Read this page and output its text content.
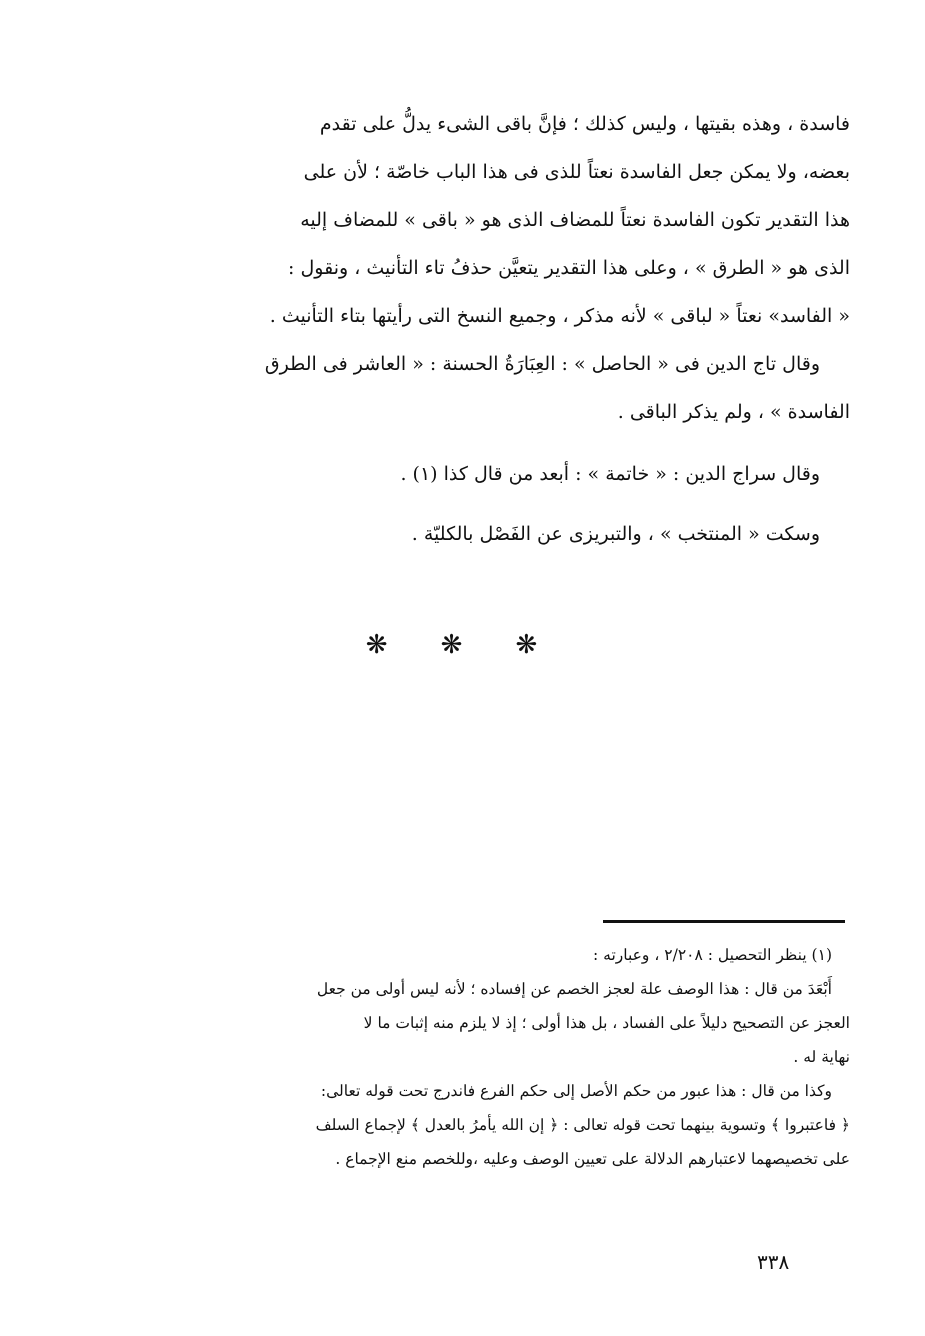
فاسدة ، وهذه بقيتها ، وليس كذلك ؛ فإنَّ باقى الشىء يدلُّ على تقدم

بعضه، ولا يمكن جعل الفاسدة نعتاً للذى فى هذا الباب خاصّة ؛ لأن على

هذا التقدير تكون الفاسدة نعتاً للمضاف الذى هو « باقى » للمضاف إليه

الذى هو « الطرق » ، وعلى هذا التقدير يتعيَّن حذفُ تاء التأنيث ، ونقول :

« الفاسد» نعتاً « لباقى » لأنه مذكر ، وجميع النسخ التى رأيتها بتاء التأنيث .

وقال تاج الدين فى « الحاصل » : العِبَارَةُ الحسنة : « العاشر فى الطرق

الفاسدة » ، ولم يذكر الباقى .

وقال سراج الدين : « خاتمة » : أبعد من قال كذا (١) .

وسكت « المنتخب » ، والتبريزى عن الفَصْل بالكليّة .

❋ ❋ ❋

(١) ينظر التحصيل : ٢/٢٠٨ ، وعبارته :

أَبْعَدَ من قال : هذا الوصف علة لعجز الخصم عن إفساده ؛ لأنه ليس أولى من جعل

العجز عن التصحيح دليلاً على الفساد ، بل هذا أولى ؛ إذ لا يلزم منه إثبات ما لا

نهاية له .

وكذا من قال : هذا عبور من حكم الأصل إلى حكم الفرع فاندرج تحت قوله تعالى:

﴿ فاعتبروا ﴾ وتسوية بينهما تحت قوله تعالى : ﴿ إن الله يأمرُ بالعدل ﴾ لإجماع السلف

على تخصيصهما لاعتبارهم الدلالة على تعيين الوصف وعليه ،وللخصم منع الإجماع .

٣٣٨
